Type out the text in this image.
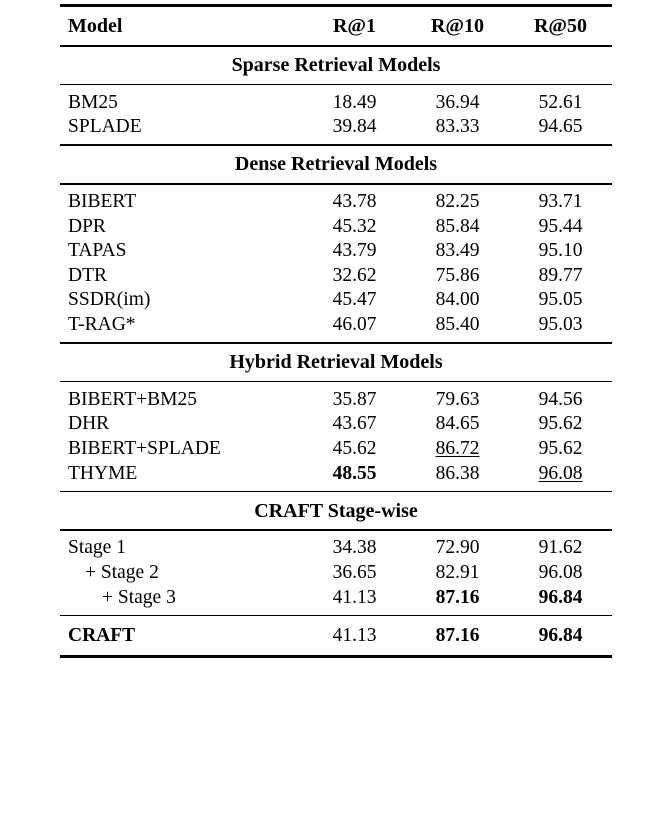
Model	R@1	R@10	R@50

Sparse Retrieval Models			

BM25	18.49	36.94	52.61
SPLADE	39.84	83.33	94.65

Dense Retrieval Models			

BIBERT	43.78	82.25	93.71
DPR	45.32	85.84	95.44
TAPAS	43.79	83.49	95.10
DTR	32.62	75.86	89.77
SSDR(im)	45.47	84.00	95.05
T-RAG*	46.07	85.40	95.03

Hybrid Retrieval Models			

BIBERT+BM25	35.87	79.63	94.56
DHR	43.67	84.65	95.62
BIBERT+SPLADE	45.62	86.72	95.62
THYME	48.55	86.38	96.08

CRAFT Stage-wise			

Stage 1	34.38	72.90	91.62
+ Stage 2	36.65	82.91	96.08
+ Stage 3	41.13	87.16	96.84

CRAFT	41.13	87.16	96.84
